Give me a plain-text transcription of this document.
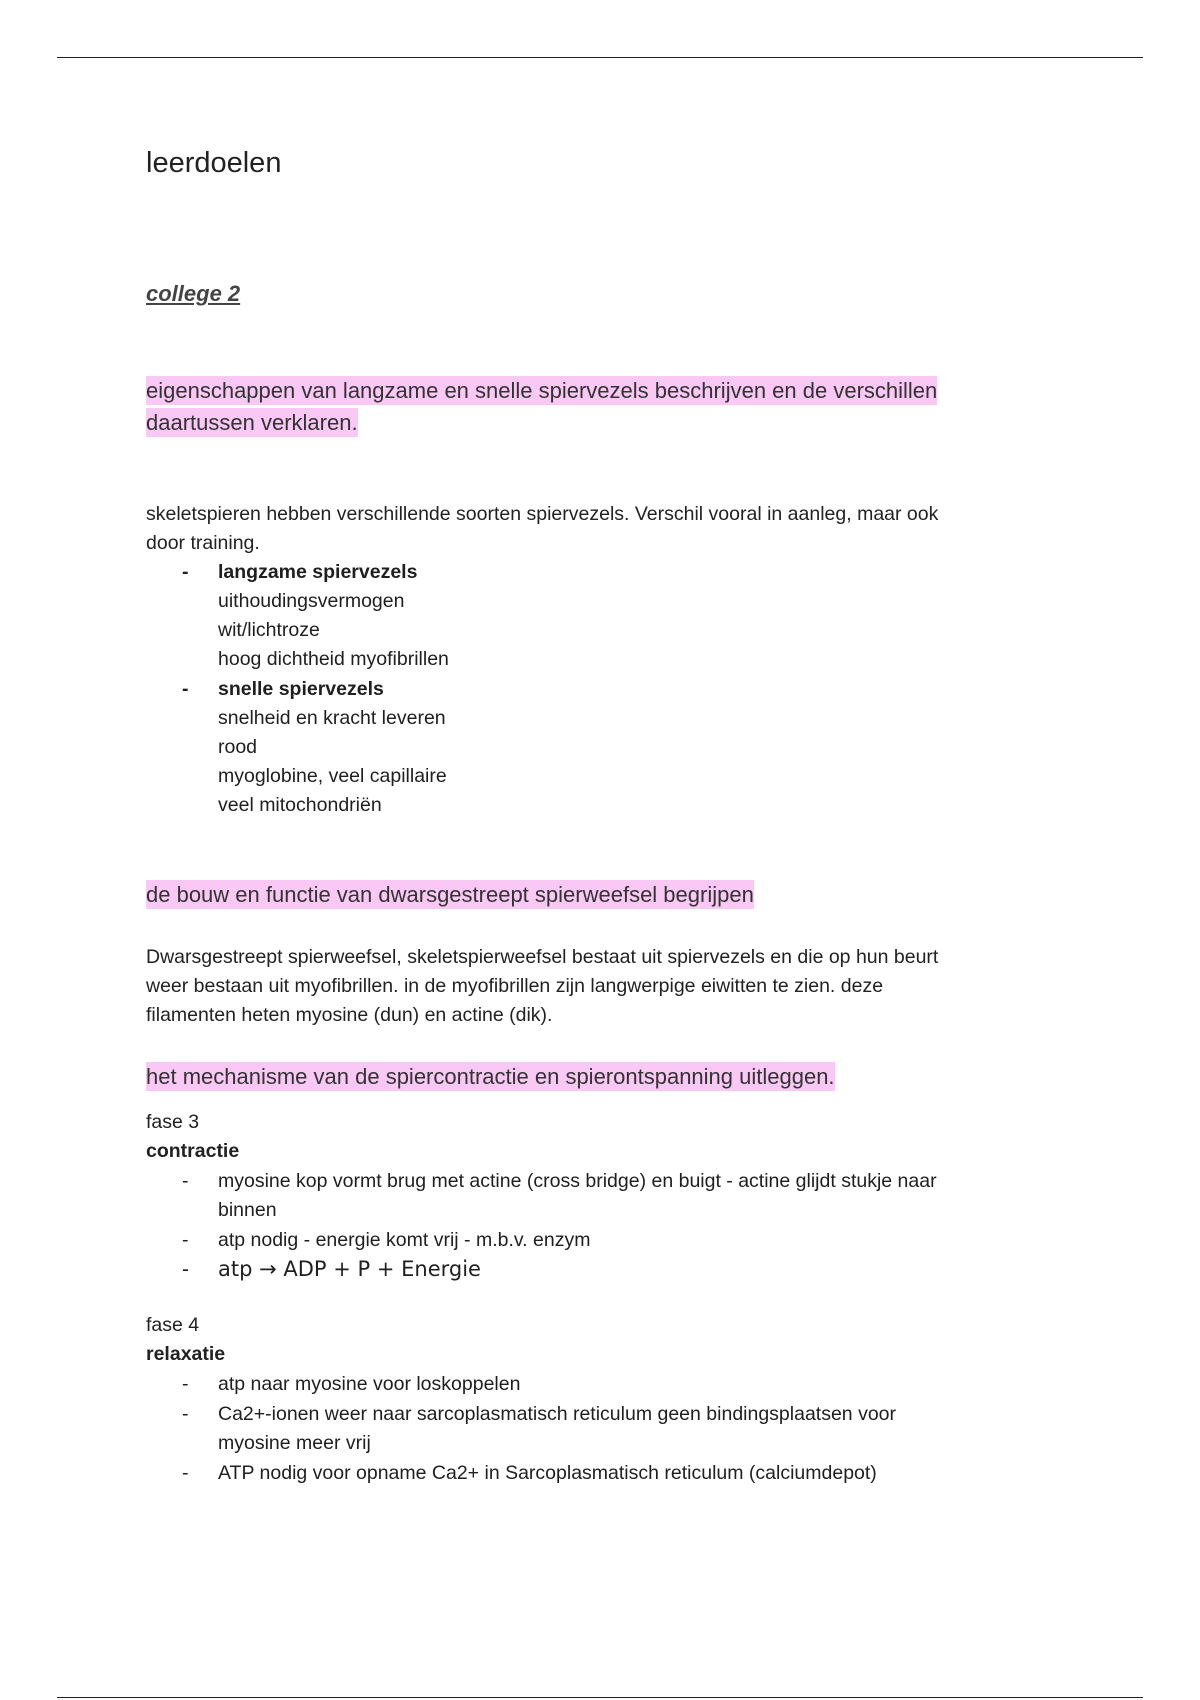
leerdoelen
college 2
eigenschappen van langzame en snelle spiervezels beschrijven en de verschillen
daartussen verklaren.
skeletspieren hebben verschillende soorten spiervezels. Verschil vooral in aanleg, maar ook
door training.
-	langzame spiervezels
uithoudingsvermogen
wit/lichtroze
hoog dichtheid myofibrillen
-	snelle spiervezels
snelheid en kracht leveren
rood
myoglobine, veel capillaire
veel mitochondriën
de bouw en functie van dwarsgestreept spierweefsel begrijpen
Dwarsgestreept spierweefsel, skeletspierweefsel bestaat uit spiervezels en die op hun beurt
weer bestaan uit myofibrillen. in de myofibrillen zijn langwerpige eiwitten te zien. deze
filamenten heten myosine (dun) en actine (dik).
het mechanisme van de spiercontractie en spierontspanning uitleggen.
fase 3
contractie
-	myosine kop vormt brug met actine (cross bridge) en buigt - actine glijdt stukje naar
binnen
-	atp nodig - energie komt vrij - m.b.v. enzym
-	atp → ADP + P + Energie
fase 4
relaxatie
-	atp naar myosine voor loskoppelen
-	Ca2+-ionen weer naar sarcoplasmatisch reticulum geen bindingsplaatsen voor
myosine meer vrij
-	ATP nodig voor opname Ca2+ in Sarcoplasmatisch reticulum (calciumdepot)
